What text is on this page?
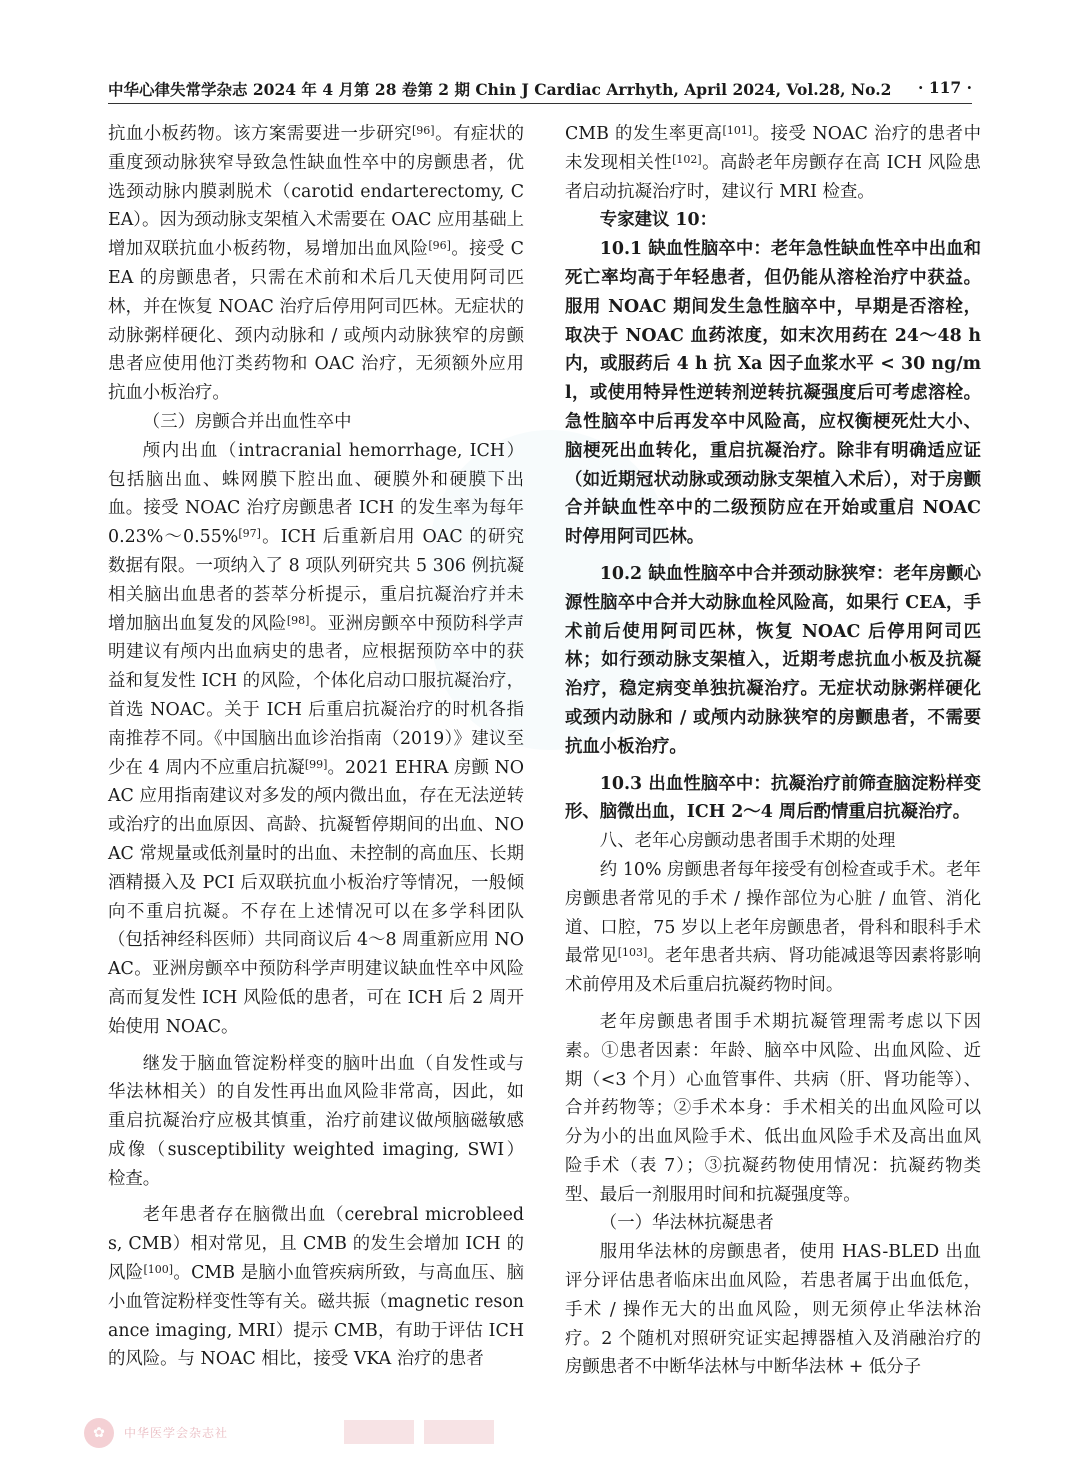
中华心律失常学杂志 2024 年 4 月第 28 卷第 2 期 Chin J Cardiac Arrhyth, April 2024, Vol.28, No.2 · 117 ·

抗血小板药物。该方案需要进一步研究[96]。有症状的重度颈动脉狭窄导致急性缺血性卒中的房颤患者，优选颈动脉内膜剥脱术（carotid endarterectomy, CEA）。因为颈动脉支架植入术需要在 OAC 应用基础上增加双联抗血小板药物，易增加出血风险[96]。接受 CEA 的房颤患者，只需在术前和术后几天使用阿司匹林，并在恢复 NOAC 治疗后停用阿司匹林。无症状的动脉粥样硬化、颈内动脉和 / 或颅内动脉狭窄的房颤患者应使用他汀类药物和 OAC 治疗，无须额外应用抗血小板治疗。

（三）房颤合并出血性卒中

颅内出血（intracranial hemorrhage, ICH）包括脑出血、蛛网膜下腔出血、硬膜外和硬膜下出血。接受 NOAC 治疗房颤患者 ICH 的发生率为每年 0.23%～0.55%[97]。ICH 后重新启用 OAC 的研究数据有限。一项纳入了 8 项队列研究共 5 306 例抗凝相关脑出血患者的荟萃分析提示，重启抗凝治疗并未增加脑出血复发的风险[98]。亚洲房颤卒中预防科学声明建议有颅内出血病史的患者，应根据预防卒中的获益和复发性 ICH 的风险，个体化启动口服抗凝治疗，首选 NOAC。关于 ICH 后重启抗凝治疗的时机各指南推荐不同。《中国脑出血诊治指南（2019）》建议至少在 4 周内不应重启抗凝[99]。2021 EHRA 房颤 NOAC 应用指南建议对多发的颅内微出血，存在无法逆转或治疗的出血原因、高龄、抗凝暂停期间的出血、NOAC 常规量或低剂量时的出血、未控制的高血压、长期酒精摄入及 PCI 后双联抗血小板治疗等情况，一般倾向不重启抗凝。不存在上述情况可以在多学科团队（包括神经科医师）共同商议后 4～8 周重新应用 NOAC。亚洲房颤卒中预防科学声明建议缺血性卒中风险高而复发性 ICH 风险低的患者，可在 ICH 后 2 周开始使用 NOAC。

继发于脑血管淀粉样变的脑叶出血（自发性或与华法林相关）的自发性再出血风险非常高，因此，如重启抗凝治疗应极其慎重，治疗前建议做颅脑磁敏感成像（susceptibility weighted imaging, SWI）检查。

老年患者存在脑微出血（cerebral microbleeds, CMB）相对常见，且 CMB 的发生会增加 ICH 的风险[100]。CMB 是脑小血管疾病所致，与高血压、脑小血管淀粉样变性等有关。磁共振（magnetic resonance imaging, MRI）提示 CMB，有助于评估 ICH 的风险。与 NOAC 相比，接受 VKA 治疗的患者

CMB 的发生率更高[101]。接受 NOAC 治疗的患者中未发现相关性[102]。高龄老年房颤存在高 ICH 风险患者启动抗凝治疗时，建议行 MRI 检查。

专家建议 10：

10.1 缺血性脑卒中：老年急性缺血性卒中出血和死亡率均高于年轻患者，但仍能从溶栓治疗中获益。服用 NOAC 期间发生急性脑卒中，早期是否溶栓，取决于 NOAC 血药浓度，如末次用药在 24～48 h 内，或服药后 4 h 抗 Xa 因子血浆水平 < 30 ng/ml，或使用特异性逆转剂逆转抗凝强度后可考虑溶栓。急性脑卒中后再发卒中风险高，应权衡梗死灶大小、脑梗死出血转化，重启抗凝治疗。除非有明确适应证（如近期冠状动脉或颈动脉支架植入术后），对于房颤合并缺血性卒中的二级预防应在开始或重启 NOAC 时停用阿司匹林。

10.2 缺血性脑卒中合并颈动脉狭窄：老年房颤心源性脑卒中合并大动脉血栓风险高，如果行 CEA，手术前后使用阿司匹林，恢复 NOAC 后停用阿司匹林；如行颈动脉支架植入，近期考虑抗血小板及抗凝治疗，稳定病变单独抗凝治疗。无症状动脉粥样硬化或颈内动脉和 / 或颅内动脉狭窄的房颤患者，不需要抗血小板治疗。

10.3 出血性脑卒中：抗凝治疗前筛查脑淀粉样变形、脑微出血，ICH 2～4 周后酌情重启抗凝治疗。

八、老年心房颤动患者围手术期的处理

约 10% 房颤患者每年接受有创检查或手术。老年房颤患者常见的手术 / 操作部位为心脏 / 血管、消化道、口腔，75 岁以上老年房颤患者，骨科和眼科手术最常见[103]。老年患者共病、肾功能减退等因素将影响术前停用及术后重启抗凝药物时间。

老年房颤患者围手术期抗凝管理需考虑以下因素。①患者因素：年龄、脑卒中风险、出血风险、近期（<3 个月）心血管事件、共病（肝、肾功能等）、合并药物等；②手术本身：手术相关的出血风险可以分为小的出血风险手术、低出血风险手术及高出血风险手术（表 7）；③抗凝药物使用情况：抗凝药物类型、最后一剂服用时间和抗凝强度等。

（一）华法林抗凝患者

服用华法林的房颤患者，使用 HAS-BLED 出血评分评估患者临床出血风险，若患者属于出血低危，手术 / 操作无大的出血风险，则无须停止华法林治疗。2 个随机对照研究证实起搏器植入及消融治疗的房颤患者不中断华法林与中断华法林 + 低分子

✿	中华医学会杂志社
